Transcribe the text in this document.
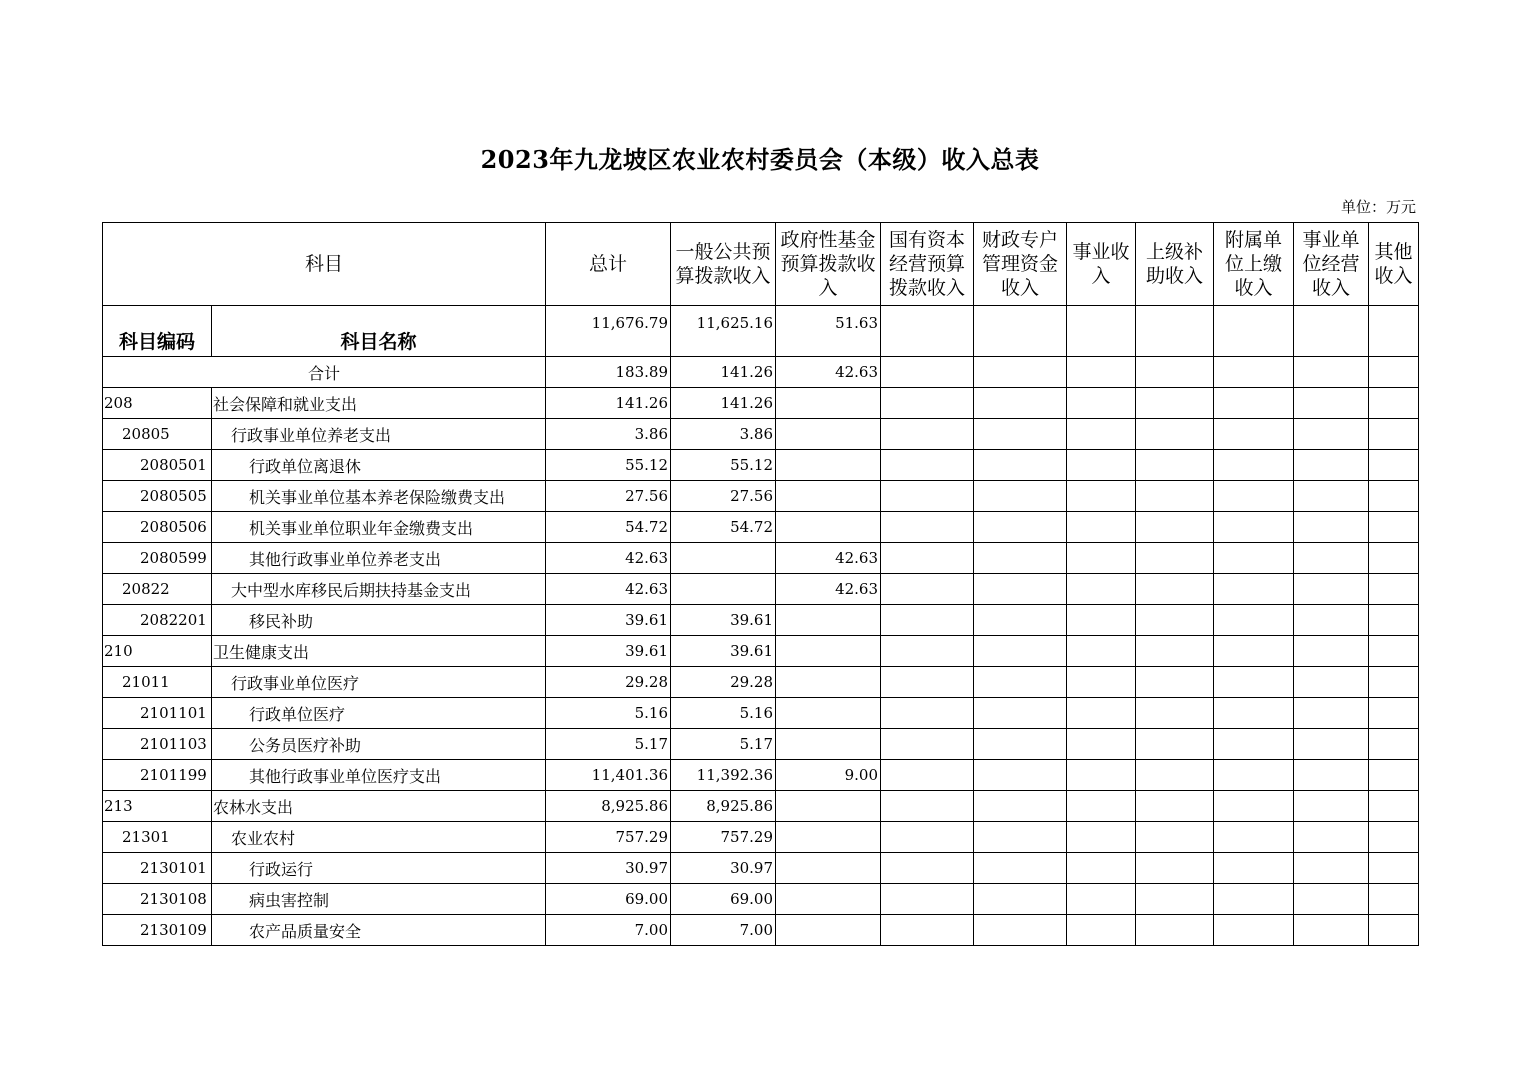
2023年九龙坡区农业农村委员会（本级）收入总表
单位：万元
科目		总计	一般公共预算拨款收入	政府性基金预算拨款收入	国有资本经营预算拨款收入	财政专户管理资金收入	事业收入	上级补助收入	附属单位上缴收入	事业单位经营收入	其他收入
科目编码	科目名称	11,676.79	11,625.16	51.63							
合计		183.89	141.26	42.63							
208	社会保障和就业支出	141.26	141.26								
20805	行政事业单位养老支出	3.86	3.86								
2080501	行政单位离退休	55.12	55.12								
2080505	机关事业单位基本养老保险缴费支出	27.56	27.56								
2080506	机关事业单位职业年金缴费支出	54.72	54.72								
2080599	其他行政事业单位养老支出	42.63		42.63							
20822	大中型水库移民后期扶持基金支出	42.63		42.63							
2082201	移民补助	39.61	39.61								
210	卫生健康支出	39.61	39.61								
21011	行政事业单位医疗	29.28	29.28								
2101101	行政单位医疗	5.16	5.16								
2101103	公务员医疗补助	5.17	5.17								
2101199	其他行政事业单位医疗支出	11,401.36	11,392.36	9.00							
213	农林水支出	8,925.86	8,925.86								
21301	农业农村	757.29	757.29								
2130101	行政运行	30.97	30.97								
2130108	病虫害控制	69.00	69.00								
2130109	农产品质量安全	7.00	7.00								
